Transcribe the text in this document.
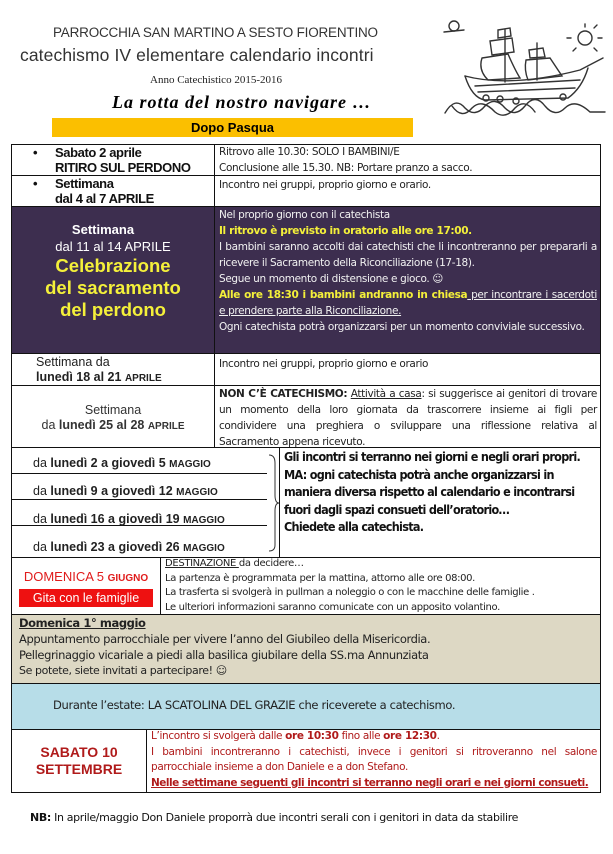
PARROCCHIA SAN MARTINO A SESTO FIORENTINO
catechismo IV elementare calendario incontri
Anno Catechistico 2015-2016
La rotta del nostro navigare …
Dopo Pasqua
• Sabato 2 aprile
RITIRO SUL PERDONO

Ritrovo alle 10.30: SOLO I BAMBINI/E

Conclusione alle 15.30. NB: Portare pranzo a sacco.

• Settimana
dal 4 al 7 APRILE

Incontro nei gruppi, proprio giorno e orario.

Settimana
dal 11 al 14 APRILE
Celebrazione
del sacramento
del perdono

Nel proprio giorno con il catechista

Il ritrovo è previsto in oratorio alle ore 17:00.

I bambini saranno accolti dai catechisti che li incontreranno per prepararli a ricevere il Sacramento della Riconciliazione (17-18).

Segue un momento di distensione e gioco. ☺

Alle ore 18:30 i bambini andranno in chiesa per incontrare i sacerdoti e prendere parte alla Riconciliazione.

Ogni catechista potrà organizzarsi per un momento conviviale successivo.

Settimana da
lunedì 18 al 21 APRILE

Incontro nei gruppi, proprio giorno e orario

Settimana
da lunedì 25 al 28 APRILE

NON C’È CATECHISMO: Attività a casa: si suggerisce ai genitori di trovare un momento della loro giornata da trascorrere insieme ai figli per condividere una preghiera o sviluppare una riflessione relativa al Sacramento appena ricevuto.

da lunedì 2 a giovedì 5 MAGGIO
da lunedì 9 a giovedì 12 MAGGIO
da lunedì 16 a giovedì 19 MAGGIO
da lunedì 23 a giovedì 26 MAGGIO

Gli incontri si terranno nei giorni e negli orari propri. MA: ogni catechista potrà anche organizzarsi in maniera diversa rispetto al calendario e incontrarsi fuori dagli spazi consueti dell’oratorio…

Chiedete alla catechista.

DOMENICA 5 GIUGNO
Gita con le famiglie

DESTINAZIONE da decidere…

La partenza è programmata per la mattina, attorno alle ore 08:00.

La trasferta si svolgerà in pullman a noleggio o con le macchine delle famiglie .

Le ulteriori informazioni saranno comunicate con un apposito volantino.

Domenica 1° maggio
Appuntamento parrocchiale per vivere l’anno del Giubileo della Misericordia.
Pellegrinaggio vicariale a piedi alla basilica giubilare della SS.ma Annunziata
Se potete, siete invitati a partecipare! ☺
Durante l’estate: LA SCATOLINA DEL GRAZIE che riceverete a catechismo.
SABATO 10
SETTEMBRE

L’incontro si svolgerà dalle ore 10:30 fino alle ore 12:30.

I bambini incontreranno i catechisti, invece i genitori si ritroveranno nel salone parrocchiale insieme a don Daniele e a don Stefano.

Nelle settimane seguenti gli incontri si terranno negli orari e nei giorni consueti.

NB: In aprile/maggio Don Daniele proporrà due incontri serali con i genitori in data da stabilire
